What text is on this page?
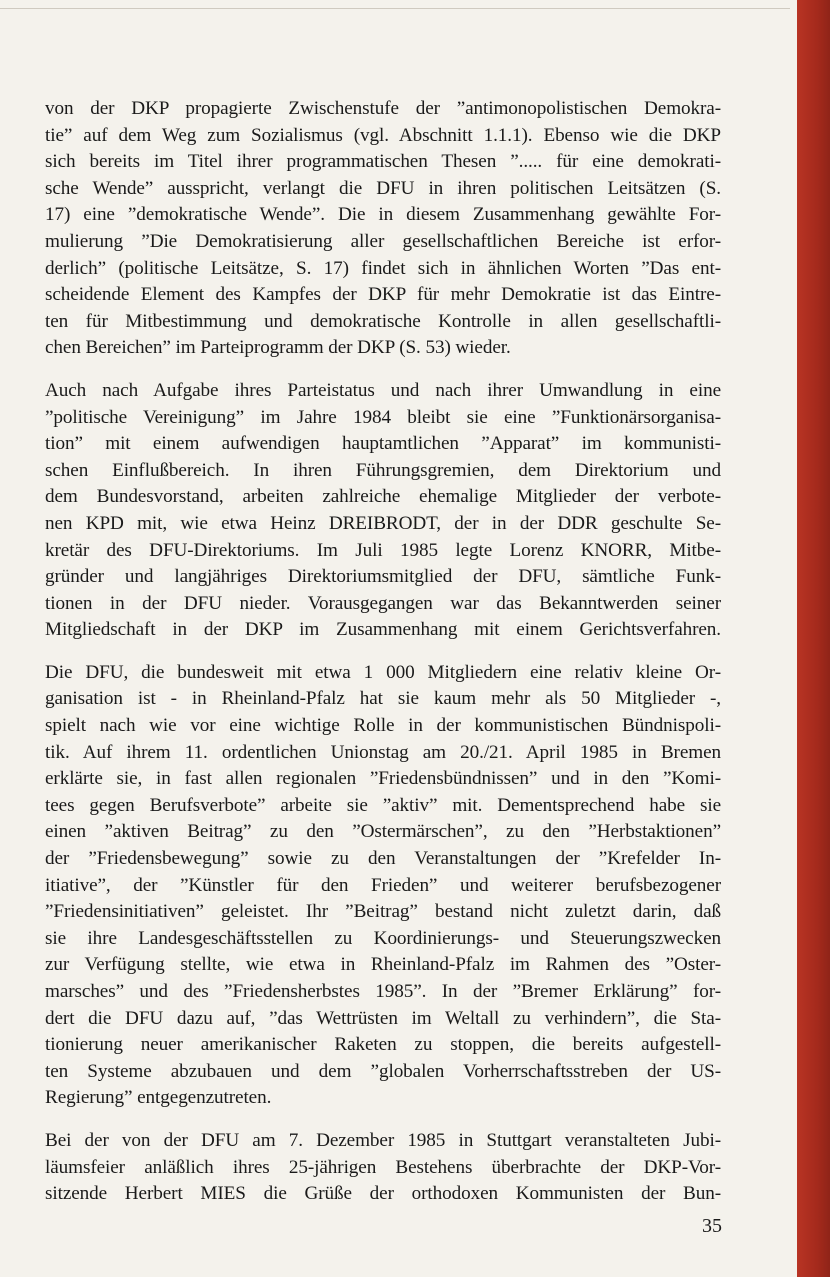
von der DKP propagierte Zwischenstufe der ”antimonopolistischen Demokra-
tie” auf dem Weg zum Sozialismus (vgl. Abschnitt 1.1.1). Ebenso wie die DKP
sich bereits im Titel ihrer programmatischen Thesen ”..... für eine demokrati-
sche Wende” ausspricht, verlangt die DFU in ihren politischen Leitsätzen (S.
17) eine ”demokratische Wende”. Die in diesem Zusammenhang gewählte For-
mulierung ”Die Demokratisierung aller gesellschaftlichen Bereiche ist erfor-
derlich” (politische Leitsätze, S. 17) findet sich in ähnlichen Worten ”Das ent-
scheidende Element des Kampfes der DKP für mehr Demokratie ist das Eintre-
ten für Mitbestimmung und demokratische Kontrolle in allen gesellschaftli-
chen Bereichen” im Parteiprogramm der DKP (S. 53) wieder.

Auch nach Aufgabe ihres Parteistatus und nach ihrer Umwandlung in eine
”politische Vereinigung” im Jahre 1984 bleibt sie eine ”Funktionärsorganisa-
tion” mit einem aufwendigen hauptamtlichen ”Apparat” im kommunisti-
schen Einflußbereich. In ihren Führungsgremien, dem Direktorium und
dem Bundesvorstand, arbeiten zahlreiche ehemalige Mitglieder der verbote-
nen KPD mit, wie etwa Heinz DREIBRODT, der in der DDR geschulte Se-
kretär des DFU-Direktoriums. Im Juli 1985 legte Lorenz KNORR, Mitbe-
gründer und langjähriges Direktoriumsmitglied der DFU, sämtliche Funk-
tionen in der DFU nieder. Vorausgegangen war das Bekanntwerden seiner
Mitgliedschaft in der DKP im Zusammenhang mit einem Gerichtsverfahren.

Die DFU, die bundesweit mit etwa 1 000 Mitgliedern eine relativ kleine Or-
ganisation ist - in Rheinland-Pfalz hat sie kaum mehr als 50 Mitglieder -,
spielt nach wie vor eine wichtige Rolle in der kommunistischen Bündnispoli-
tik. Auf ihrem 11. ordentlichen Unionstag am 20./21. April 1985 in Bremen
erklärte sie, in fast allen regionalen ”Friedensbündnissen” und in den ”Komi-
tees gegen Berufsverbote” arbeite sie ”aktiv” mit. Dementsprechend habe sie
einen ”aktiven Beitrag” zu den ”Ostermärschen”, zu den ”Herbstaktionen”
der ”Friedensbewegung” sowie zu den Veranstaltungen der ”Krefelder In-
itiative”, der ”Künstler für den Frieden” und weiterer berufsbezogener
”Friedensinitiativen” geleistet. Ihr ”Beitrag” bestand nicht zuletzt darin, daß
sie ihre Landesgeschäftsstellen zu Koordinierungs- und Steuerungszwecken
zur Verfügung stellte, wie etwa in Rheinland-Pfalz im Rahmen des ”Oster-
marsches” und des ”Friedensherbstes 1985”. In der ”Bremer Erklärung” for-
dert die DFU dazu auf, ”das Wettrüsten im Weltall zu verhindern”, die Sta-
tionierung neuer amerikanischer Raketen zu stoppen, die bereits aufgestell-
ten Systeme abzubauen und dem ”globalen Vorherrschaftsstreben der US-
Regierung” entgegenzutreten.

Bei der von der DFU am 7. Dezember 1985 in Stuttgart veranstalteten Jubi-
läumsfeier anläßlich ihres 25-jährigen Bestehens überbrachte der DKP-Vor-
sitzende Herbert MIES die Grüße der orthodoxen Kommunisten der Bun-

35
